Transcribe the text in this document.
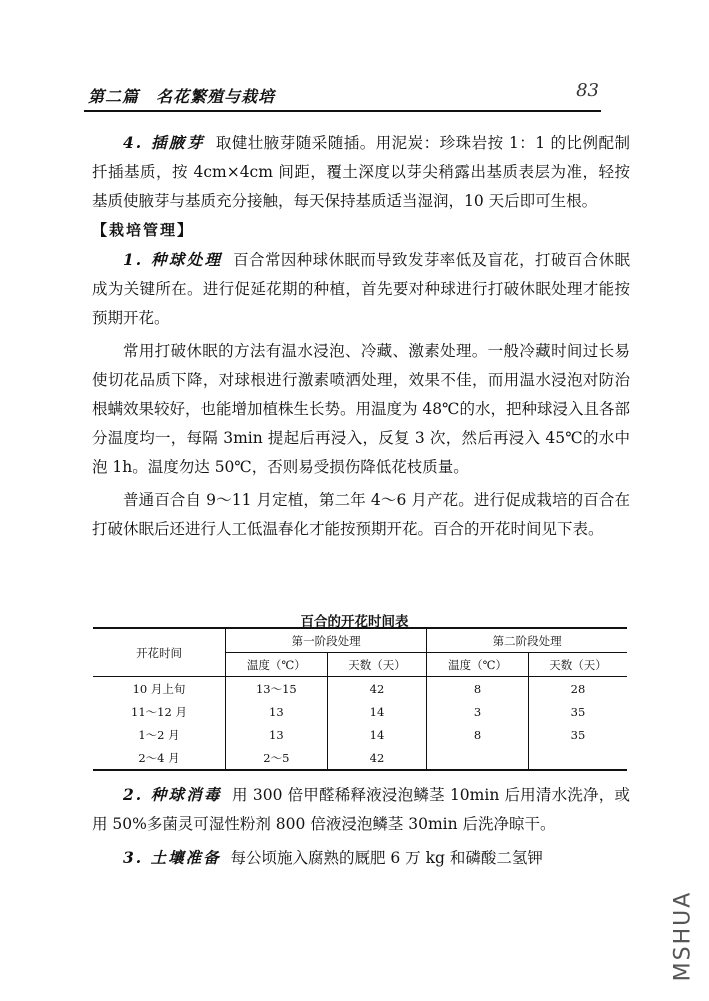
第二篇　名花繁殖与栽培	83

4. 插腋芽 取健壮腋芽随采随插。用泥炭：珍珠岩按 1：1 的比例配制扦插基质，按 4cm×4cm 间距，覆土深度以芽尖稍露出基质表层为准，轻按基质使腋芽与基质充分接触，每天保持基质适当湿润，10 天后即可生根。

【栽培管理】

1. 种球处理 百合常因种球休眠而导致发芽率低及盲花，打破百合休眠成为关键所在。进行促延花期的种植，首先要对种球进行打破休眠处理才能按预期开花。

常用打破休眠的方法有温水浸泡、冷藏、激素处理。一般冷藏时间过长易使切花品质下降，对球根进行激素喷洒处理，效果不佳，而用温水浸泡对防治根螨效果较好，也能增加植株生长势。用温度为 48℃的水，把种球浸入且各部分温度均一，每隔 3min 提起后再浸入，反复 3 次，然后再浸入 45℃的水中泡 1h。温度勿达 50℃，否则易受损伤降低花枝质量。

普通百合自 9～11 月定植，第二年 4～6 月产花。进行促成栽培的百合在打破休眠后还进行人工低温春化才能按预期开花。百合的开花时间见下表。

百合的开花时间表
开花时间	第一阶段处理		第二阶段处理	
	温度（℃）	天数（天）	温度（℃）	天数（天）
10 月上旬	13～15	42	8	28
11～12 月	13	14	3	35
1～2 月	13	14	8	35
2～4 月	2～5	42		

2. 种球消毒 用 300 倍甲醛稀释液浸泡鳞茎 10min 后用清水洗净，或用 50%多菌灵可湿性粉剂 800 倍液浸泡鳞茎 30min 后洗净晾干。

3. 土壤准备 每公顷施入腐熟的厩肥 6 万 kg 和磷酸二氢钾

MSHUA
